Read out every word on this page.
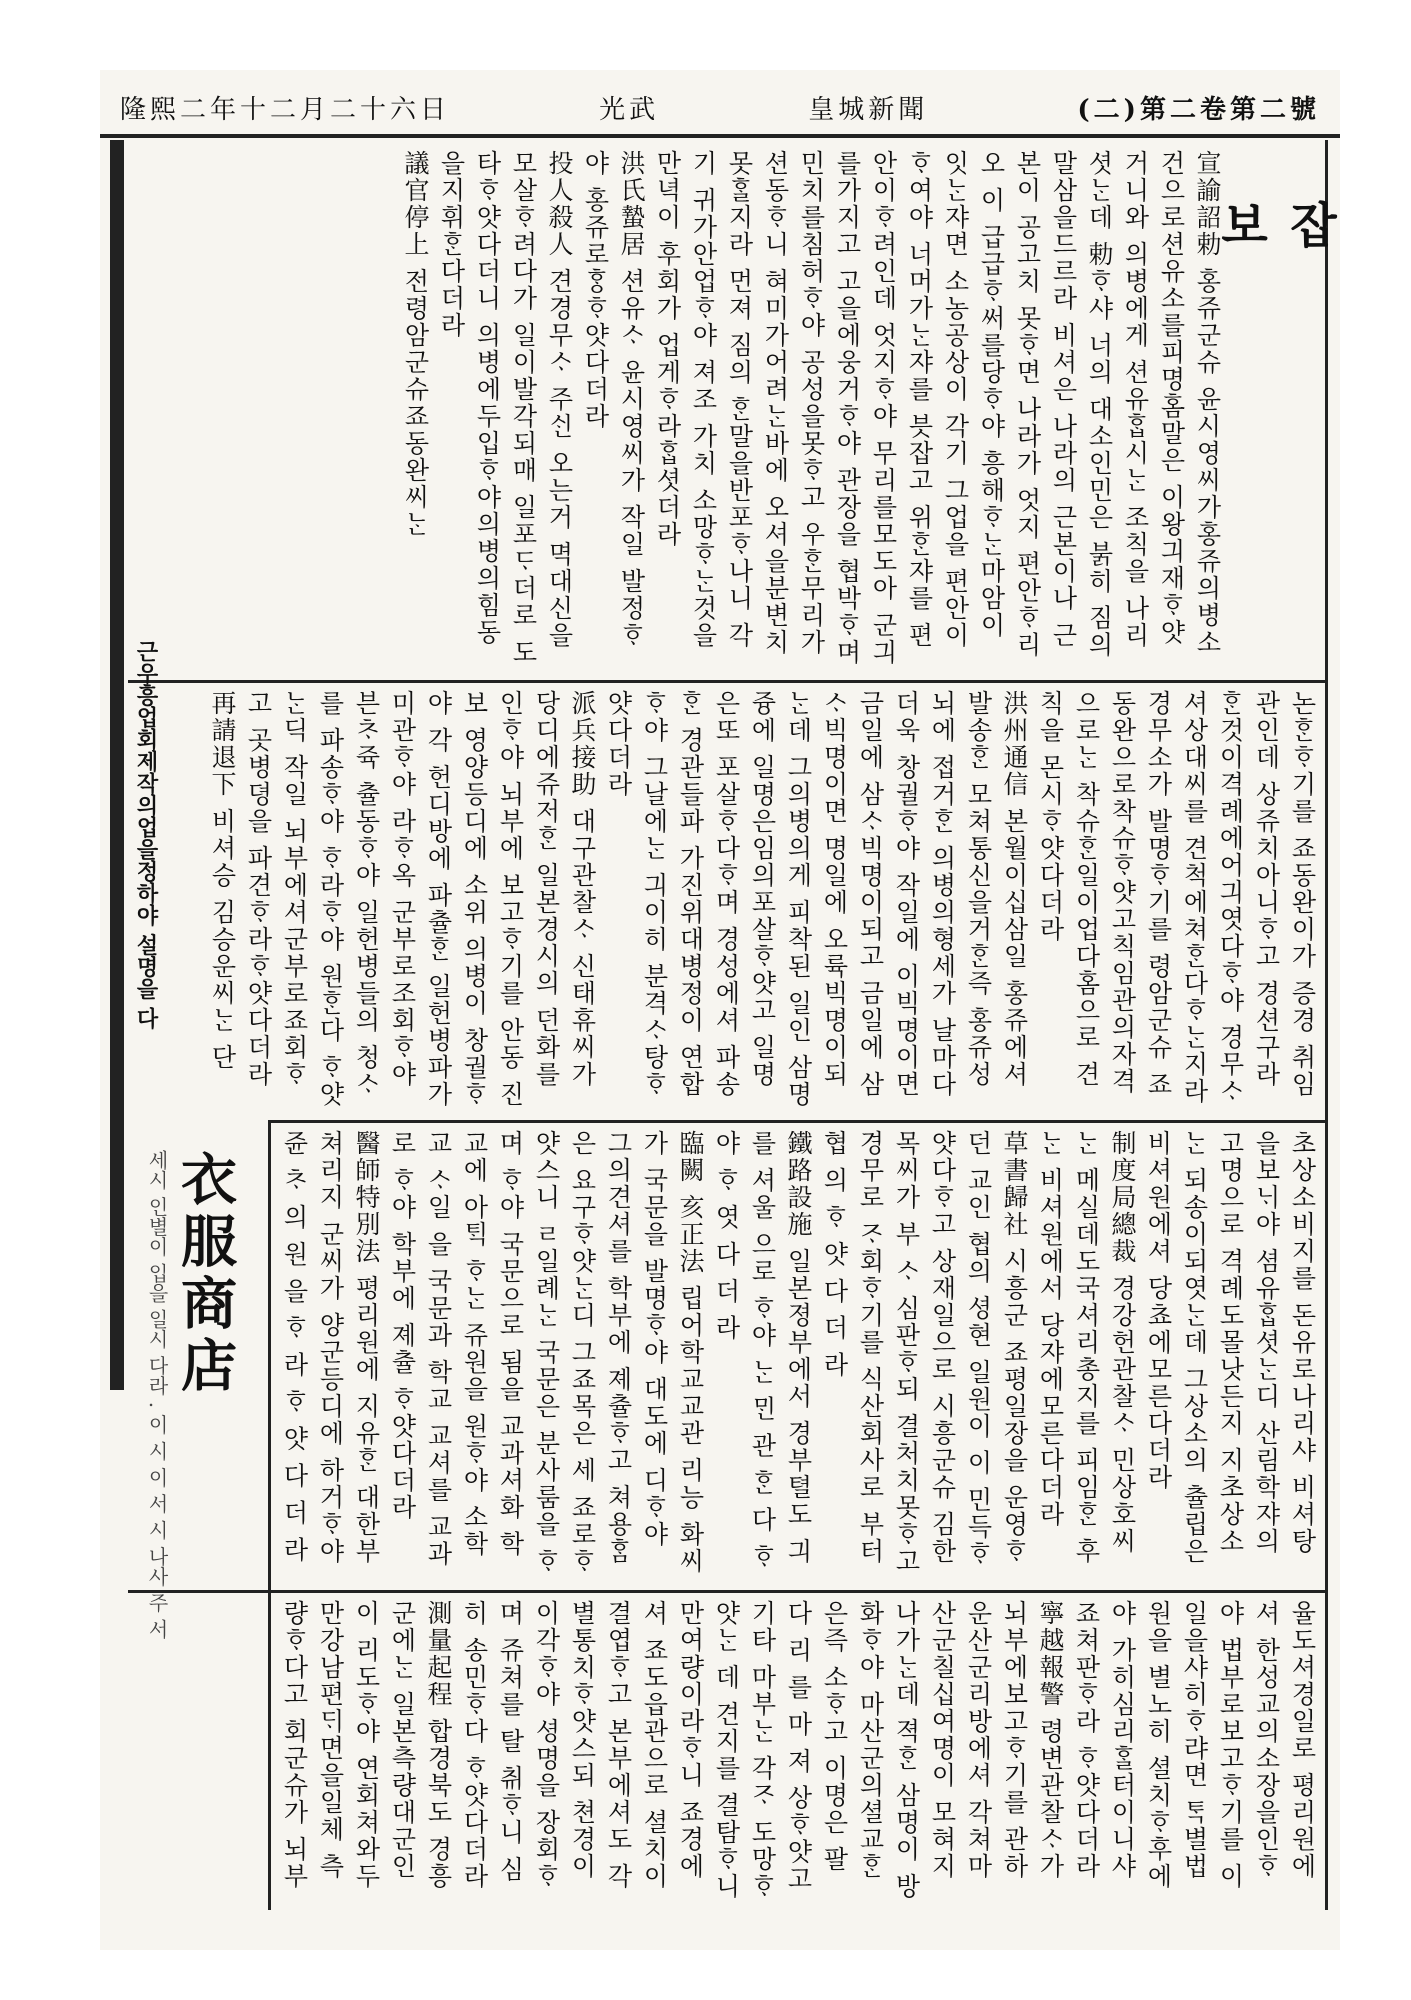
隆熙二年十二月二十六日	光武	皇城新聞	(二)第二卷第二號
잡 보

宣諭詔勅 홍쥬군슈 윤시영씨가홍쥬의병소건으로션유소를피명홈말은 이왕긔재ᄒᆞ얏거니와 의병에게 션유ᄒᆞᆸ시ᄂᆞᆫ 조칙을 나리셧ᄂᆞᆫ데 勅ᄒᆞ샤 너의 대소인민은 붉히 짐의말삼을드르라 비셔은 나라의 근본이나 근본이 공고치 못ᄒᆞ면 나라가 엇지 편안ᄒᆞ리오 이 급급ᄒᆞ써를당ᄒᆞ야 흥해ᄒᆞᄂᆞᆫ마암이 잇ᄂᆞᆫ쟈면 소농공상이 각기 그업을 편안이ᄒᆞ여야 너머가ᄂᆞᆫ쟈를 븟잡고 위ᄒᆞᆫ쟈를 편안이ᄒᆞ려인데 엇지ᄒᆞ야 무리를모도아 군긔를가지고 고을에웅거ᄒᆞ야 관장을 협박ᄒᆞ며 민치를침허ᄒᆞ야 공성을못ᄒᆞ고 우ᄒᆞᆫ무리가 션동ᄒᆞ니 혀미가어려ᄂᆞᆫ바에 오셔을분변치못ᄒᆞᆯ지라 먼져 짐의 ᄒᆞᆫ말을반포ᄒᆞ나니 각기 귀가안업ᄒᆞ야 져조 가치 소망ᄒᆞᄂᆞᆫ것을만녁이 후회가 업게ᄒᆞ라ᄒᆞᆸ셧더라

洪氏蟄居 션유ᄉᆞ 윤시영씨가 작일 발정ᄒᆞ야 홍쥬로ᄒᆞᆼᄒᆞ얏다더라

投人殺人 견경무ᄉᆞ 주ᄉᆡᆫ 오는거 멱대신을 모살ᄒᆞ려다가 일이발각되매 일포ᄃᆞ더로 도타ᄒᆞ얏다더니 의병에두입ᄒᆞ야의병의힘동을지휘ᄒᆞᆫ다더라

議官停上 전령암군슈죠동완씨ᄂᆞᆫ

논ᄒᆞᆫᄒᆞ기를 죠동완이가 증경 취임관인데 상쥬치아니ᄒᆞ고 경션구라ᄒᆞᆫ것이격례에어긔엿다ᄒᆞ야 경무ᄉᆞ셔상대씨를 견척에쳐ᄒᆞᆫ다ᄒᆞᄂᆞᆫ지라 경무소가 발명ᄒᆞ기를 령암군슈 죠동완으로착슈ᄒᆞ얏고칙임관의자격으로ᄂᆞᆫ 착슈ᄒᆞᆫ일이업다홈으로 견칙을 몬시ᄒᆞ얏다더라

洪州通信 본월이십삼일 홍쥬에셔 발송ᄒᆞᆫ 모쳐통신을거ᄒᆞᆫ즉 홍쥬성뇌에 접거ᄒᆞᆫ 의병의형세가 날마다 더욱 창궐ᄒᆞ야 작일에 이빅명이면 금일에 삼ᄉᆞ빅명이되고 금일에 삼ᄉᆞ빅명이면 명일에 오륙빅명이되ᄂᆞᆫ데 그의병의게 피착된 일인 삼명즁에 일명은임의포살ᄒᆞ얏고 일명은또 포살ᄒᆞ다ᄒᆞ며 경성에셔 파송ᄒᆞᆫ 경관들파 가진위대병정이 연합ᄒᆞ야 그날에ᄂᆞᆫ 긔이히 분격ᄉᆞ탕ᄒᆞ얏다더라

派兵接助 대구관찰ᄉᆞ 신태휴씨가 당디에쥬저ᄒᆞᆫ 일본경시의 던화를인ᄒᆞ야 뇌부에 보고ᄒᆞ기를 안동 진보 영양등디에 소위 의병이 창궐ᄒᆞ야 각 헌디방에 파츌ᄒᆞᆫ 일헌병파가 미관ᄒᆞ야 라ᄒᆞ옥 군부로조회ᄒᆞ야 븐ᄎᆞ쥭 츌동ᄒᆞ야 일헌병들의 청ᄉᆞ를 파송ᄒᆞ야 ᄒᆞ라ᄒᆞ야 원ᄒᆞᆫ다 ᄒᆞ얏ᄂᆞᆫ딕 작일 뇌부에셔군부로죠회ᄒᆞ고 곳병뎡을 파견ᄒᆞ라ᄒᆞ얏다더라

再請退下 비셔승 김승운씨ᄂᆞᆫ 단

초상소비지를 돈유로나리샤 비셔탕을보ᄂᆡ야 셤유ᄒᆞᆸ셧ᄂᆞᆫ디 산림학쟈의 고명으로 격례도몰낫든지 지초상소ᄂᆞᆫ 되송이되엿ᄂᆞᆫ데 그상소의 츌립은 비셔원에셔 당쵸에모른다더라

制度局總裁 경강헌관찰ᄉᆞ 민상호씨ᄂᆞᆫ 메실데도국셔리총지를 피임ᄒᆞᆫ 후 ᄂᆞᆫ 비셔원에서 당쟈에모른다더라

草書歸社 시흥군 죠평일장을 운영ᄒᆞ던 교인 협의 셩현 일원이 이 민득ᄒᆞ얏다ᄒᆞ고 상재일으로 시흥군슈 김한목씨가 부 ᄉᆞ 심판ᄒᆞ되 결처치못ᄒᆞ고 경무로 ᄌᆞ회ᄒᆞ기를 식산회사로 부터 협 의 ᄒᆞ 얏 다 더 라

鐵路設施 일본졍부에서 경부텰도 긔를 셔울 으로 ᄒᆞ야 ᄂᆞᆫ ᄆᆡᆫ 관 ᄒᆞᆫ 다 ᄒᆞ 야 ᄒᆞ 엿 다 더 라

臨闕 亥正法 립어학교교관 리능 화씨가 국문을 발명ᄒᆞ야 대도에 디ᄒᆞ야 그의견셔를 학부에 졔츌ᄒᆞ고 쳐용ᄒᆞᆷ은 요구ᄒᆞ얏ᄂᆞᆫ디 그죠목은 세 죠로ᄒᆞ얏스니 ㄹ일례ᄂᆞᆫ 국문은 분사룸을 ᄒᆞ며 ᄒᆞ야 국문으로 됨을 교과셔화 학교에 아ᄐᆡᆨ ᄒᆞᄂᆞᆫ 쥬원을 원ᄒᆞ야 소학교 ᄉᆞ일 을 국문과 학교 교셔를 교과로 ᄒᆞ야 학부에 졔츌 ᄒᆞ얏다더라

醫師特別法 평리원에 지유ᄒᆞᆫ 대한부 쳐리지 군씨가 양군등디에 하거ᄒᆞ야 쥰 ᄎᆞ 의 원 을 ᄒᆞ 라 ᄒᆞ 얏 다 더 라

율도셔경일로 평리원에셔 한성교의소장을인ᄒᆞ야 법부로보고ᄒᆞ기를 이일을샤히ᄒᆞ랴면 ᄐᆞᆨ별법원을 별노히 셜치ᄒᆞ후에야 가히심리ᄒᆞᆯ터이니샤죠쳐판ᄒᆞ라 ᄒᆞ얏다더라

寧越報警 령변관찰ᄉᆞ가 뇌부에보고ᄒᆞ기를 관하 운산군리방에셔 각쳐마산군칠십여명이 모혀지나가ᄂᆞᆫ데 젹ᄒᆞᆫ 삼명이 방화ᄒᆞ야 마산군의셜교ᄒᆞᆫ 은즉 소ᄒᆞ고 이명은 팔 다 리 를 마 져 상ᄒᆞ얏고 기타 마부ᄂᆞᆫ 각ᄌᆞ 도망ᄒᆞ얏ᄂᆞᆫ 데 견지를 결탐ᄒᆞ니 만여량이라ᄒᆞ니 죠경에셔 죠도읍관으로 셜치이 결엽ᄒᆞ고 본부에셔도 각별통치ᄒᆞ얏스되 쳔경이 이각ᄒᆞ야 셩명을 장회ᄒᆞ며 쥬쳐를 탈 ᄎᆔᄒᆞ니 심히 송민ᄒᆞ다 ᄒᆞ얏다더라

測量起程 합경북도 경흥군에ᄂᆞᆫ 일본측량대군인이 리도ᄒᆞ야 연회쳐와두만강남편ᄃᆡ면을일체 측량ᄒᆞ다고 회군슈가 뇌부

근우흥업회제작의업을정하야 설명을 다
衣服商店
세시 인별이 입을 일시 다라 . 이 시 이 서 시 나사 주 서
